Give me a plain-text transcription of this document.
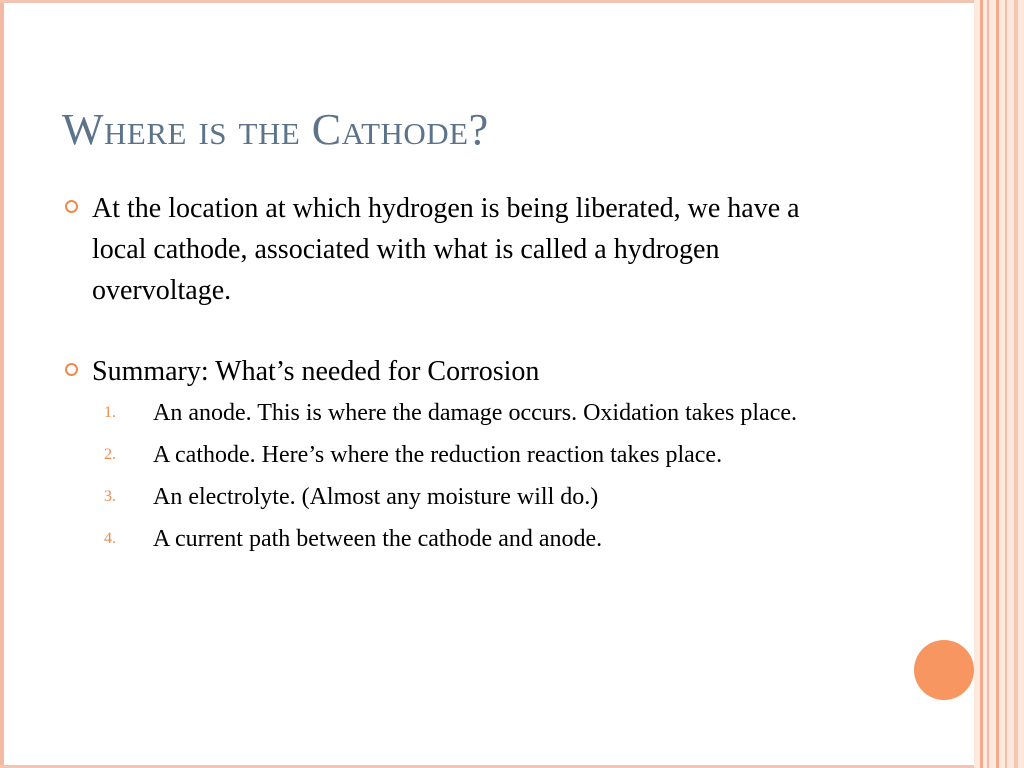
Where is the Cathode?
At the location at which hydrogen is being liberated, we have a local cathode, associated with what is called a hydrogen overvoltage.
Summary: What’s needed for Corrosion
1. An anode. This is where the damage occurs. Oxidation takes place.
2. A cathode. Here’s where the reduction reaction takes place.
3. An electrolyte. (Almost any moisture will do.)
4. A current path between the cathode and anode.
